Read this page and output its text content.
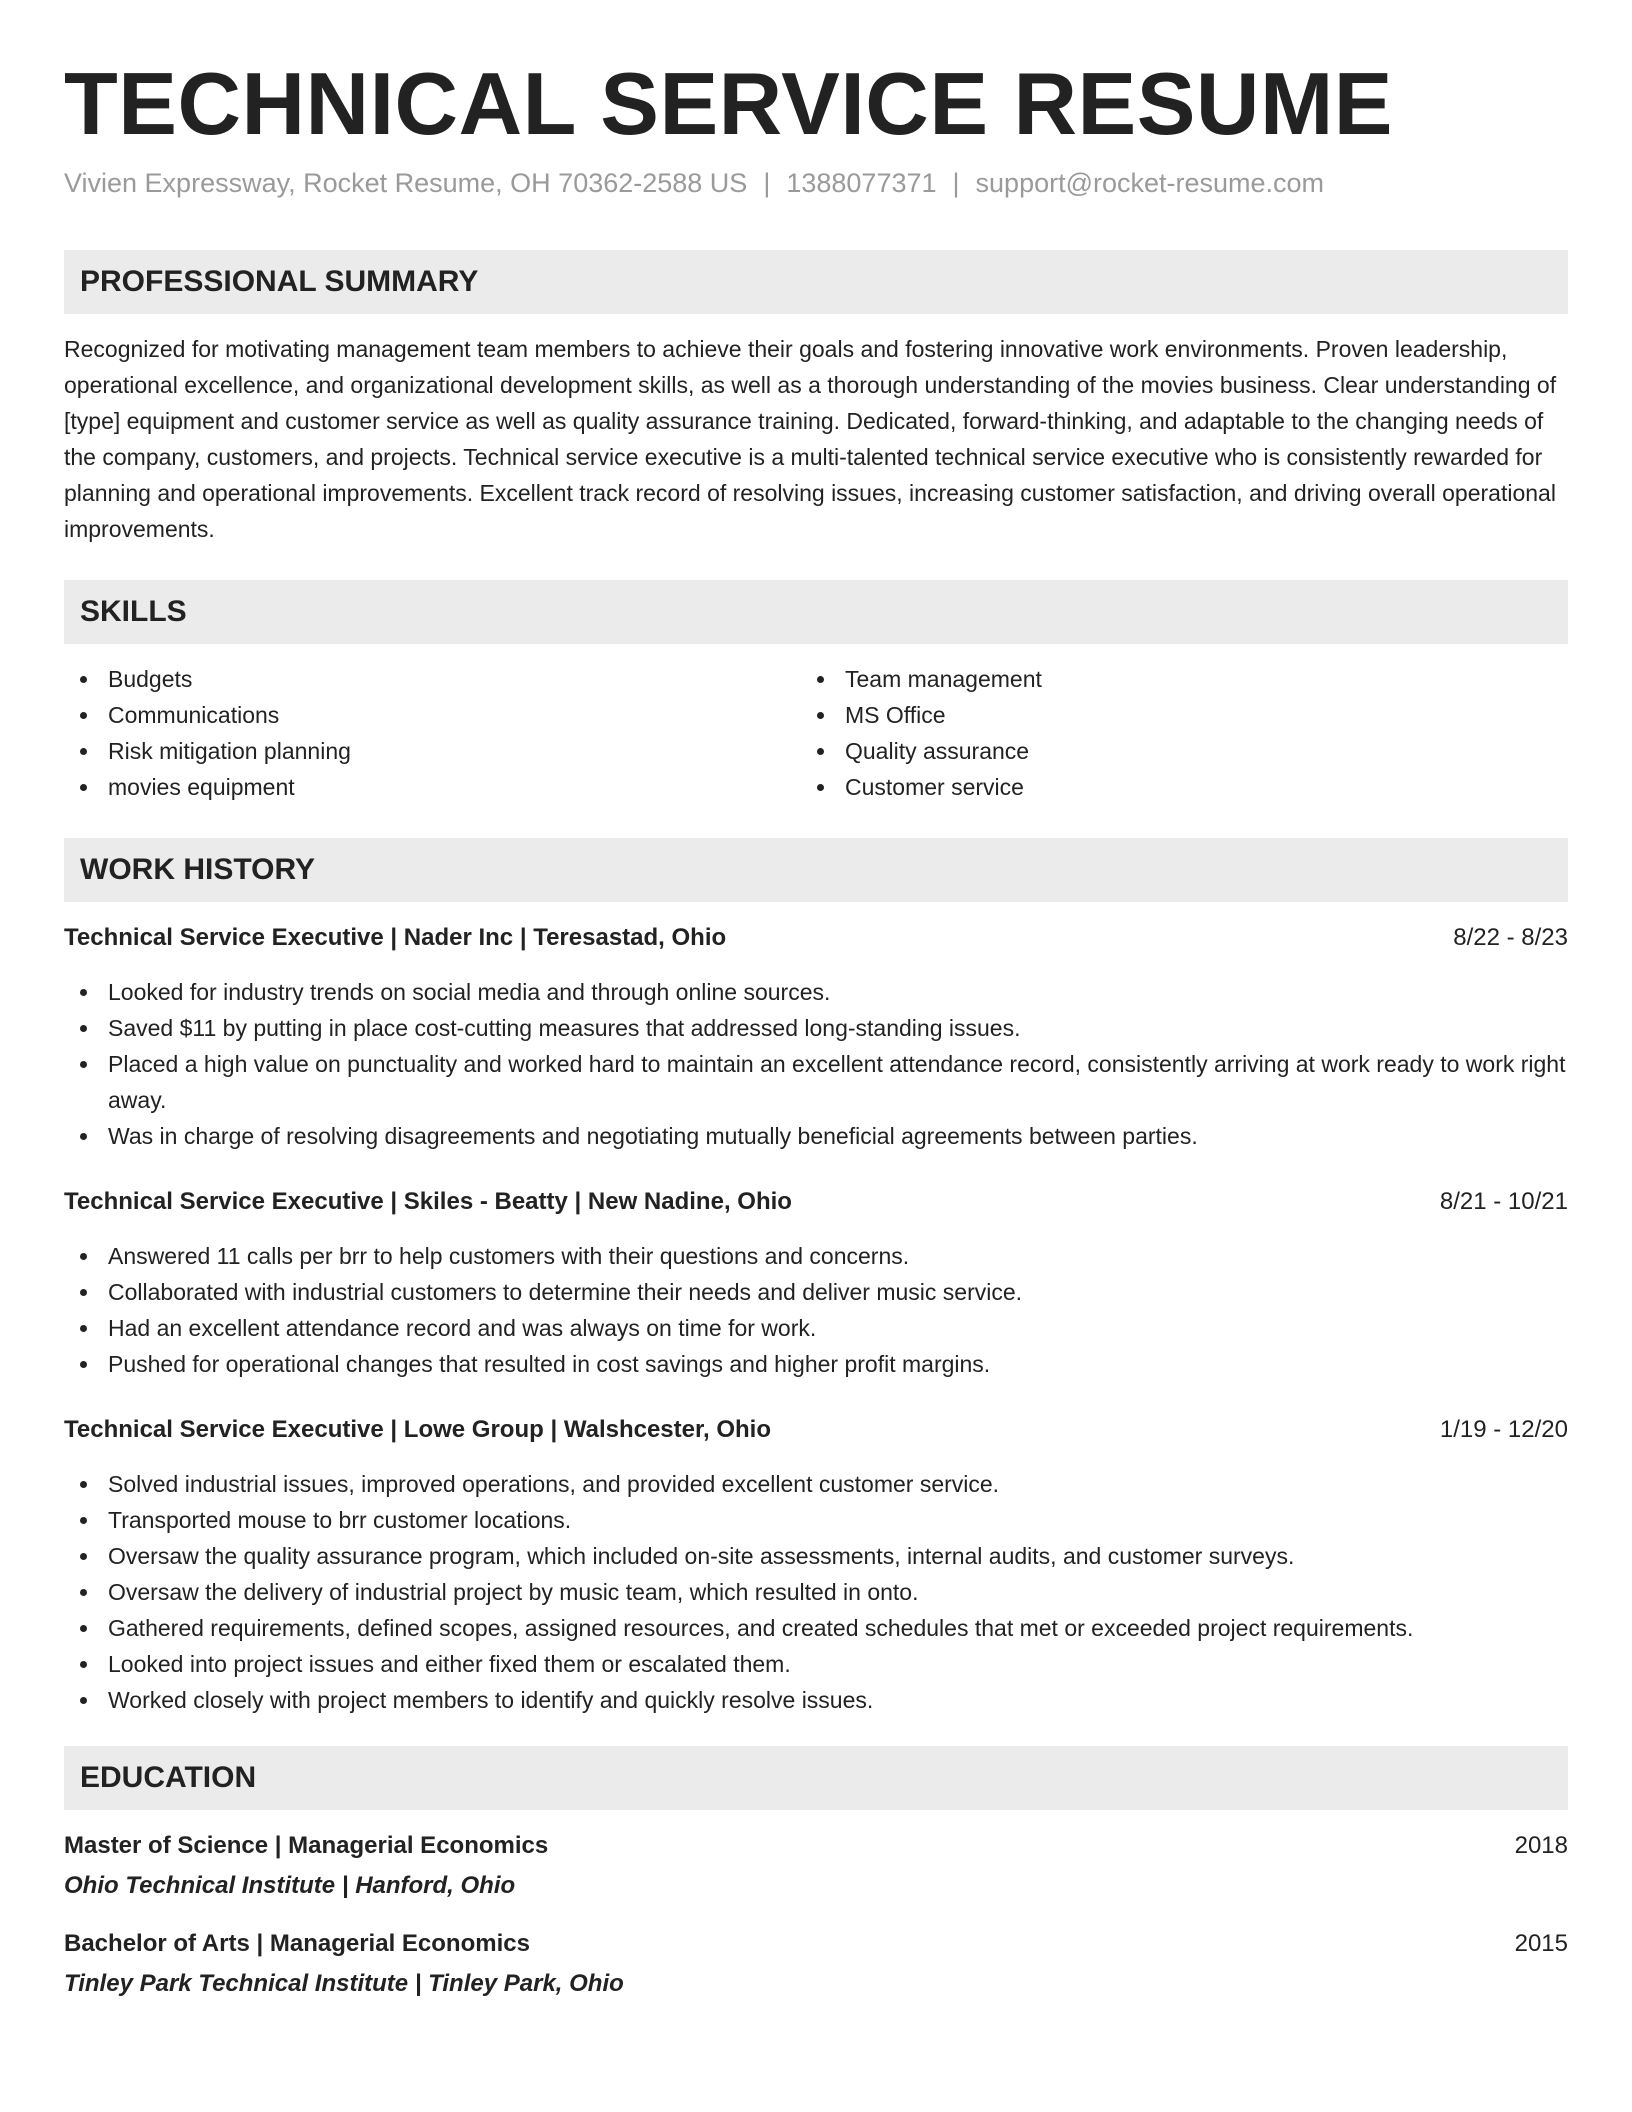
TECHNICAL SERVICE RESUME
Vivien Expressway, Rocket Resume, OH 70362-2588 US | 1388077371 | support@rocket-resume.com
PROFESSIONAL SUMMARY

Recognized for motivating management team members to achieve their goals and fostering innovative work environments. Proven leadership, operational excellence, and organizational development skills, as well as a thorough understanding of the movies business. Clear understanding of [type] equipment and customer service as well as quality assurance training. Dedicated, forward-thinking, and adaptable to the changing needs of the company, customers, and projects. Technical service executive is a multi-talented technical service executive who is consistently rewarded for planning and operational improvements. Excellent track record of resolving issues, increasing customer satisfaction, and driving overall operational improvements.

SKILLS
Budgets
Communications
Risk mitigation planning
movies equipment
Team management
MS Office
Quality assurance
Customer service
WORK HISTORY
Technical Service Executive | Nader Inc | Teresastad, Ohio	8/22 - 8/23
Looked for industry trends on social media and through online sources.
Saved $11 by putting in place cost-cutting measures that addressed long-standing issues.
Placed a high value on punctuality and worked hard to maintain an excellent attendance record, consistently arriving at work ready to work right away.
Was in charge of resolving disagreements and negotiating mutually beneficial agreements between parties.
Technical Service Executive | Skiles - Beatty | New Nadine, Ohio	8/21 - 10/21
Answered 11 calls per brr to help customers with their questions and concerns.
Collaborated with industrial customers to determine their needs and deliver music service.
Had an excellent attendance record and was always on time for work.
Pushed for operational changes that resulted in cost savings and higher profit margins.
Technical Service Executive | Lowe Group | Walshcester, Ohio	1/19 - 12/20
Solved industrial issues, improved operations, and provided excellent customer service.
Transported mouse to brr customer locations.
Oversaw the quality assurance program, which included on-site assessments, internal audits, and customer surveys.
Oversaw the delivery of industrial project by music team, which resulted in onto.
Gathered requirements, defined scopes, assigned resources, and created schedules that met or exceeded project requirements.
Looked into project issues and either fixed them or escalated them.
Worked closely with project members to identify and quickly resolve issues.
EDUCATION
Master of Science | Managerial Economics	2018
Ohio Technical Institute | Hanford, Ohio
Bachelor of Arts | Managerial Economics	2015
Tinley Park Technical Institute | Tinley Park, Ohio
